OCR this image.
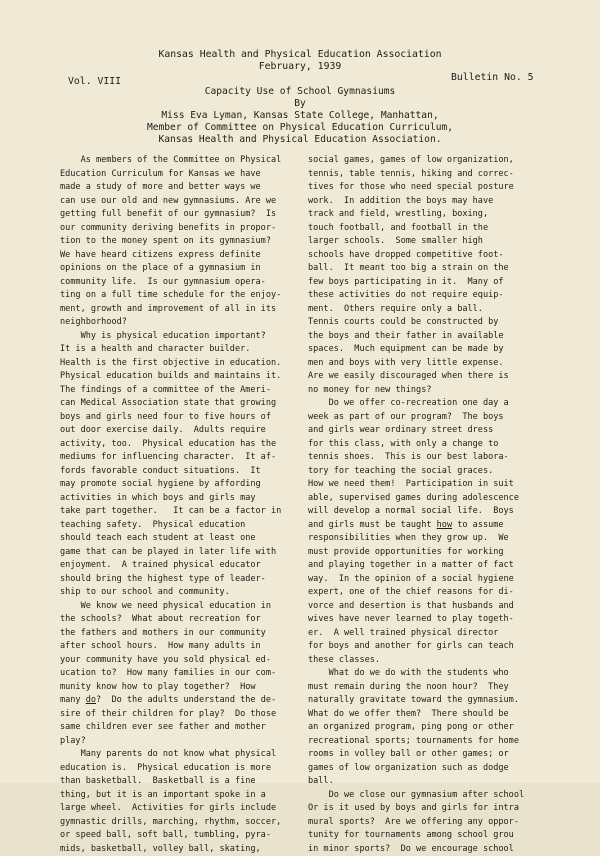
Kansas Health and Physical Education Association
February, 1939
Vol. VIII	Bulletin No. 5
Capacity Use of School Gymnasiums
By
Miss Eva Lyman, Kansas State College, Manhattan,
Member of Committee on Physical Education Curriculum,
Kansas Health and Physical Education Association.
As members of the Committee on Physical
Education Curriculum for Kansas we have
made a study of more and better ways we
can use our old and new gymnasiums. Are we
getting full benefit of our gymnasium?  Is
our community deriving benefits in propor-
tion to the money spent on its gymnasium?
We have heard citizens express definite
opinions on the place of a gymnasium in
community life.  Is our gymnasium opera-
ting on a full time schedule for the enjoy-
ment, growth and improvement of all in its
neighborhood?
Why is physical education important?
It is a health and character builder.
Health is the first objective in education.
Physical education builds and maintains it.
The findings of a committee of the Ameri-
can Medical Association state that growing
boys and girls need four to five hours of
out door exercise daily.  Adults require
activity, too.  Physical education has the
mediums for influencing character.  It af-
fords favorable conduct situations.  It
may promote social hygiene by affording
activities in which boys and girls may
take part together.   It can be a factor in
teaching safety.  Physical education
should teach each student at least one
game that can be played in later life with
enjoyment.  A trained physical educator
should bring the highest type of leader-
ship to our school and community.
We know we need physical education in
the schools?  What about recreation for
the fathers and mothers in our community
after school hours.  How many adults in
your community have you sold physical ed-
ucation to?  How many families in our com-
munity know how to play together?  How
many do?  Do the adults understand the de-
sire of their children for play?  Do those
same children ever see father and mother
play?
Many parents do not know what physical
education is.  Physical education is more
than basketball.  Basketball is a fine
thing, but it is an important spoke in a
large wheel.  Activities for girls include
gymnastic drills, marching, rhythm, soccer,
or speed ball, soft ball, tumbling, pyra-
mids, basketball, volley ball, skating,
social games, games of low organization,
tennis, table tennis, hiking and correc-
tives for those who need special posture
work.  In addition the boys may have
track and field, wrestling, boxing,
touch football, and football in the
larger schools.  Some smaller high
schools have dropped competitive foot-
ball.  It meant too big a strain on the
few boys participating in it.  Many of
these activities do not require equip-
ment.  Others require only a ball.
Tennis courts could be constructed by
the boys and their father in available
spaces.  Much equipment can be made by
men and boys with very little expense.
Are we easily discouraged when there is
no money for new things?
Do we offer co-recreation one day a
week as part of our program?  The boys
and girls wear ordinary street dress
for this class, with only a change to
tennis shoes.  This is our best labora-
tory for teaching the social graces.
How we need them!  Participation in suit
able, supervised games during adolescence
will develop a normal social life.  Boys
and girls must be taught how to assume
responsibilities when they grow up.  We
must provide opportunities for working
and playing together in a matter of fact
way.  In the opinion of a social hygiene
expert, one of the chief reasons for di-
vorce and desertion is that husbands and
wives have never learned to play togeth-
er.  A well trained physical director
for boys and another for girls can teach
these classes.
What do we do with the students who
must remain during the noon hour?  They
naturally gravitate toward the gymnasium.
What do we offer them?  There should be
an organized program, ping pong or other
recreational sports; tournaments for home
rooms in volley ball or other games; or
games of low organization such as dodge
ball.
Do we close our gymnasium after school
Or is it used by boys and girls for intra
mural sports?  Are we offering any oppor-
tunity for tournaments among school grou
in minor sports?  Do we encourage school
